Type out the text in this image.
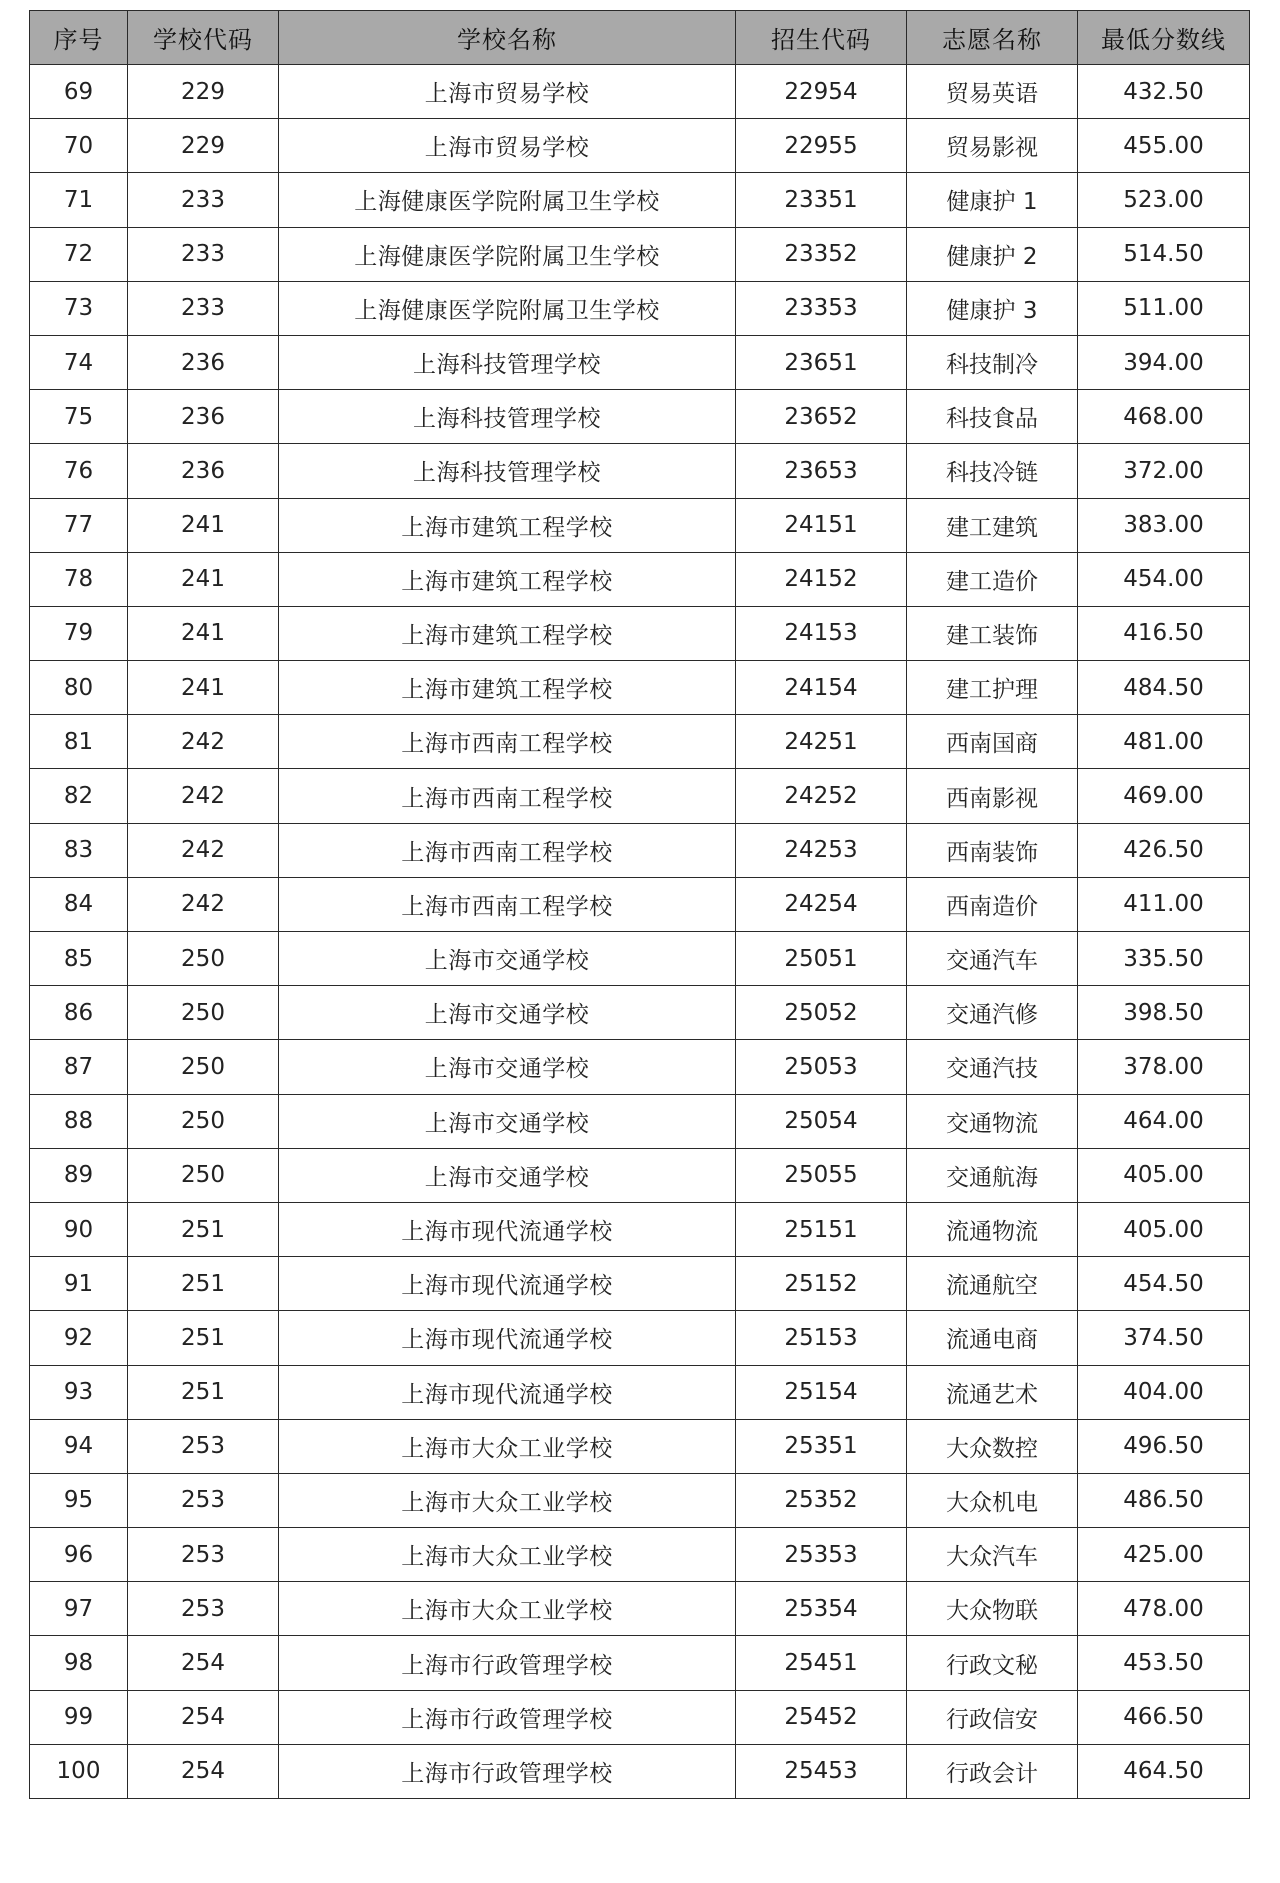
序号	学校代码	学校名称	招生代码	志愿名称	最低分数线
69	229	上海市贸易学校	22954	贸易英语	432.50
70	229	上海市贸易学校	22955	贸易影视	455.00
71	233	上海健康医学院附属卫生学校	23351	健康护 1	523.00
72	233	上海健康医学院附属卫生学校	23352	健康护 2	514.50
73	233	上海健康医学院附属卫生学校	23353	健康护 3	511.00
74	236	上海科技管理学校	23651	科技制冷	394.00
75	236	上海科技管理学校	23652	科技食品	468.00
76	236	上海科技管理学校	23653	科技冷链	372.00
77	241	上海市建筑工程学校	24151	建工建筑	383.00
78	241	上海市建筑工程学校	24152	建工造价	454.00
79	241	上海市建筑工程学校	24153	建工装饰	416.50
80	241	上海市建筑工程学校	24154	建工护理	484.50
81	242	上海市西南工程学校	24251	西南国商	481.00
82	242	上海市西南工程学校	24252	西南影视	469.00
83	242	上海市西南工程学校	24253	西南装饰	426.50
84	242	上海市西南工程学校	24254	西南造价	411.00
85	250	上海市交通学校	25051	交通汽车	335.50
86	250	上海市交通学校	25052	交通汽修	398.50
87	250	上海市交通学校	25053	交通汽技	378.00
88	250	上海市交通学校	25054	交通物流	464.00
89	250	上海市交通学校	25055	交通航海	405.00
90	251	上海市现代流通学校	25151	流通物流	405.00
91	251	上海市现代流通学校	25152	流通航空	454.50
92	251	上海市现代流通学校	25153	流通电商	374.50
93	251	上海市现代流通学校	25154	流通艺术	404.00
94	253	上海市大众工业学校	25351	大众数控	496.50
95	253	上海市大众工业学校	25352	大众机电	486.50
96	253	上海市大众工业学校	25353	大众汽车	425.00
97	253	上海市大众工业学校	25354	大众物联	478.00
98	254	上海市行政管理学校	25451	行政文秘	453.50
99	254	上海市行政管理学校	25452	行政信安	466.50
100	254	上海市行政管理学校	25453	行政会计	464.50
